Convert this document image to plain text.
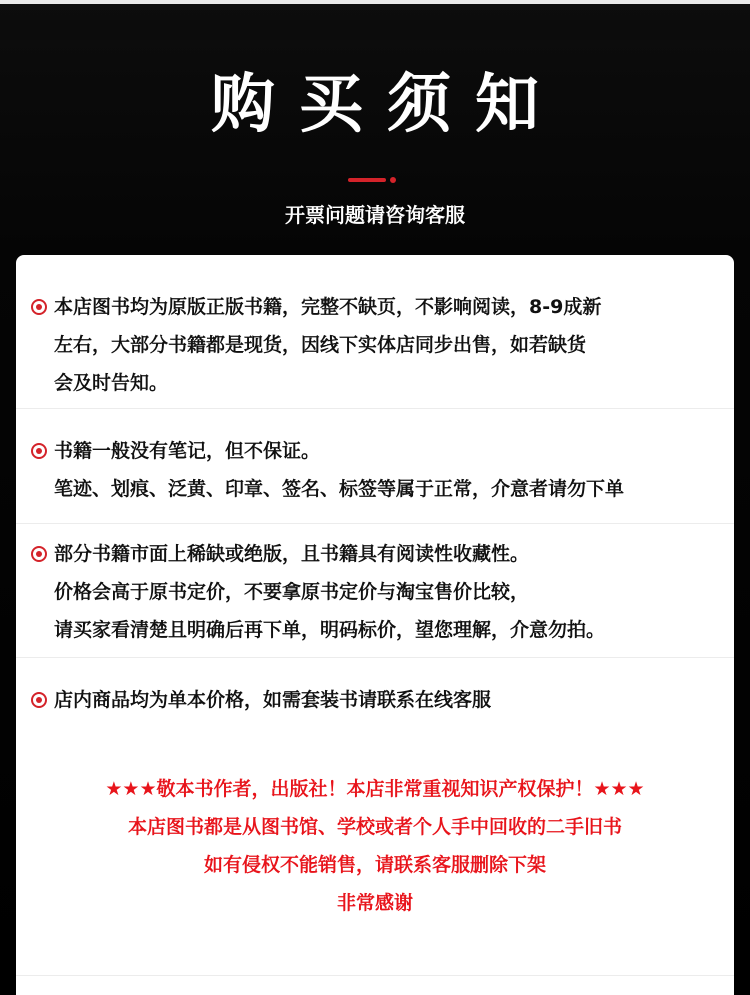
购买须知
开票问题请咨询客服
本店图书均为原版正版书籍，完整不缺页，不影响阅读，8-9成新
左右，大部分书籍都是现货，因线下实体店同步出售，如若缺货
会及时告知。
书籍一般没有笔记，但不保证。
笔迹、划痕、泛黄、印章、签名、标签等属于正常，介意者请勿下单
部分书籍市面上稀缺或绝版，且书籍具有阅读性收藏性。
价格会高于原书定价，不要拿原书定价与淘宝售价比较，
请买家看清楚且明确后再下单，明码标价，望您理解，介意勿拍。
店内商品均为单本价格，如需套装书请联系在线客服
★★★敬本书作者，出版社！本店非常重视知识产权保护！★★★
本店图书都是从图书馆、学校或者个人手中回收的二手旧书
如有侵权不能销售，请联系客服删除下架
非常感谢
